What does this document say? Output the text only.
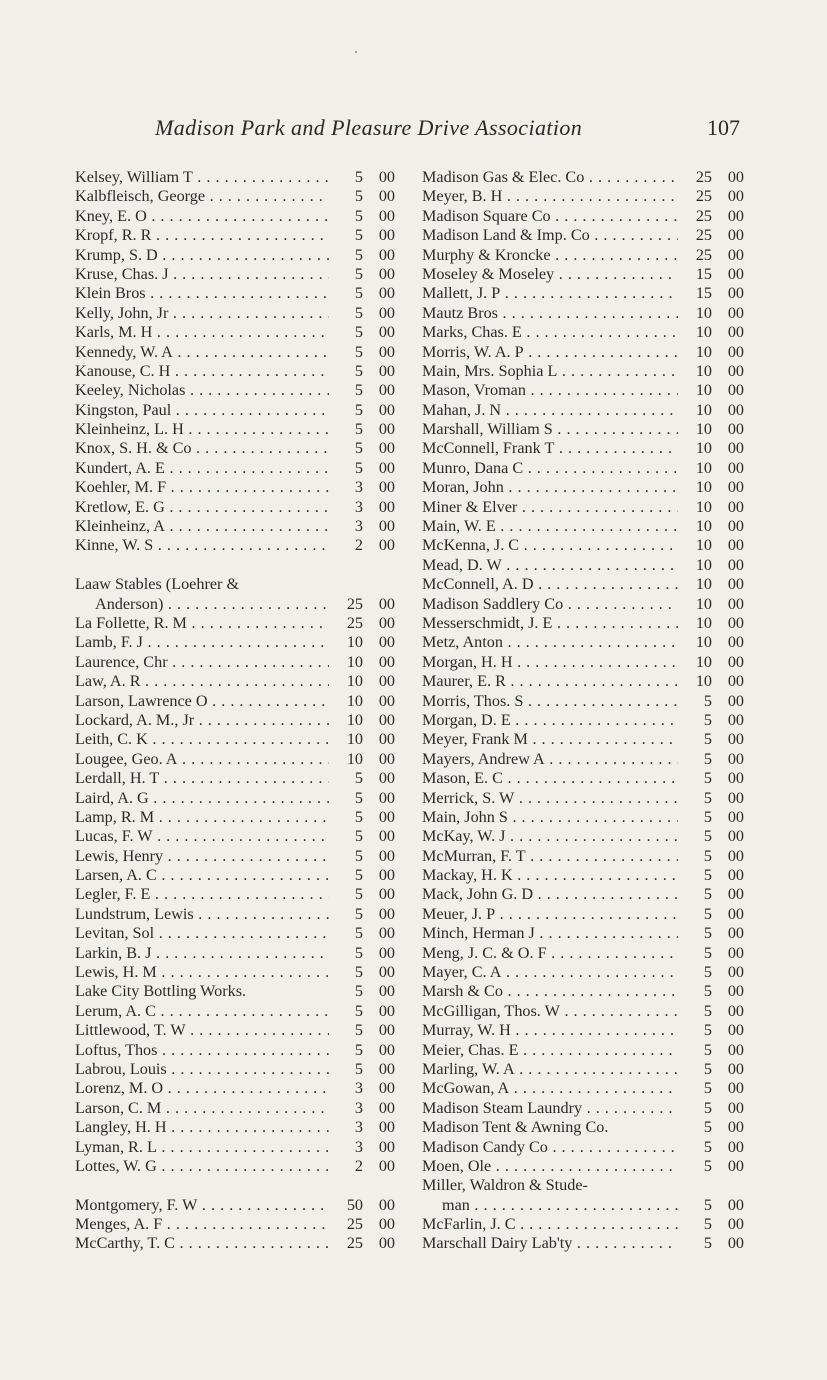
Madison Park and Pleasure Drive Association	107
Kelsey, William T . . .	5 00
Kalbfleisch, George . . .	5 00
Kney, E. O . . .	5 00
Kropf, R. R . . .	5 00
Krump, S. D . . .	5 00
Kruse, Chas. J . . .	5 00
Klein Bros . . .	5 00
Kelly, John, Jr . . .	5 00
Karls, M. H . . .	5 00
Kennedy, W. A . . .	5 00
Kanouse, C. H . . .	5 00
Keeley, Nicholas . . .	5 00
Kingston, Paul . . .	5 00
Kleinheinz, L. H . . .	5 00
Knox, S. H. & Co . . .	5 00
Kundert, A. E . . .	5 00
Koehler, M. F . . .	3 00
Kretlow, E. G . . .	3 00
Kleinheinz, A . . .	3 00
Kinne, W. S . . .	2 00
Laaw Stables (Loehrer &
Anderson) . . .	25 00
La Follette, R. M . . .	25 00
Lamb, F. J . . .	10 00
Laurence, Chr . . .	10 00
Law, A. R . . .	10 00
Larson, Lawrence O . . .	10 00
Lockard, A. M., Jr . . .	10 00
Leith, C. K . . .	10 00
Lougee, Geo. A . . .	10 00
Lerdall, H. T . . .	5 00
Laird, A. G . . .	5 00
Lamp, R. M . . .	5 00
Lucas, F. W . . .	5 00
Lewis, Henry . . .	5 00
Larsen, A. C . . .	5 00
Legler, F. E . . .	5 00
Lundstrum, Lewis . . .	5 00
Levitan, Sol . . .	5 00
Larkin, B. J . . .	5 00
Lewis, H. M . . .	5 00
Lake City Bottling Works.	5 00
Lerum, A. C . . .	5 00
Littlewood, T. W . . .	5 00
Loftus, Thos . . .	5 00
Labrou, Louis . . .	5 00
Lorenz, M. O . . .	3 00
Larson, C. M . . .	3 00
Langley, H. H . . .	3 00
Lyman, R. L . . .	3 00
Lottes, W. G . . .	2 00
Montgomery, F. W . . .	50 00
Menges, A. F . . .	25 00
McCarthy, T. C . . .	25 00
Madison Gas & Elec. Co . . .	25 00
Meyer, B. H . . .	25 00
Madison Square Co . . .	25 00
Madison Land & Imp. Co . . .	25 00
Murphy & Kroncke . . .	25 00
Moseley & Moseley . . .	15 00
Mallett, J. P . . .	15 00
Mautz Bros . . .	10 00
Marks, Chas. E . . .	10 00
Morris, W. A. P . . .	10 00
Main, Mrs. Sophia L . . .	10 00
Mason, Vroman . . .	10 00
Mahan, J. N . . .	10 00
Marshall, William S . . .	10 00
McConnell, Frank T . . .	10 00
Munro, Dana C . . .	10 00
Moran, John . . .	10 00
Miner & Elver . . .	10 00
Main, W. E . . .	10 00
McKenna, J. C . . .	10 00
Mead, D. W . . .	10 00
McConnell, A. D . . .	10 00
Madison Saddlery Co . . .	10 00
Messerschmidt, J. E . . .	10 00
Metz, Anton . . .	10 00
Morgan, H. H . . .	10 00
Maurer, E. R . . .	10 00
Morris, Thos. S . . .	5 00
Morgan, D. E . . .	5 00
Meyer, Frank M . . .	5 00
Mayers, Andrew A . . .	5 00
Mason, E. C . . .	5 00
Merrick, S. W . . .	5 00
Main, John S . . .	5 00
McKay, W. J . . .	5 00
McMurran, F. T . . .	5 00
Mackay, H. K . . .	5 00
Mack, John G. D . . .	5 00
Meuer, J. P . . .	5 00
Minch, Herman J . . .	5 00
Meng, J. C. & O. F . . .	5 00
Mayer, C. A . . .	5 00
Marsh & Co . . .	5 00
McGilligan, Thos. W . . .	5 00
Murray, W. H . . .	5 00
Meier, Chas. E . . .	5 00
Marling, W. A . . .	5 00
McGowan, A . . .	5 00
Madison Steam Laundry . . .	5 00
Madison Tent & Awning Co.	5 00
Madison Candy Co . . .	5 00
Moen, Ole . . .	5 00
Miller, Waldron & Stude-
man . . .	5 00
McFarlin, J. C . . .	5 00
Marschall Dairy Lab'ty . . .	5 00
